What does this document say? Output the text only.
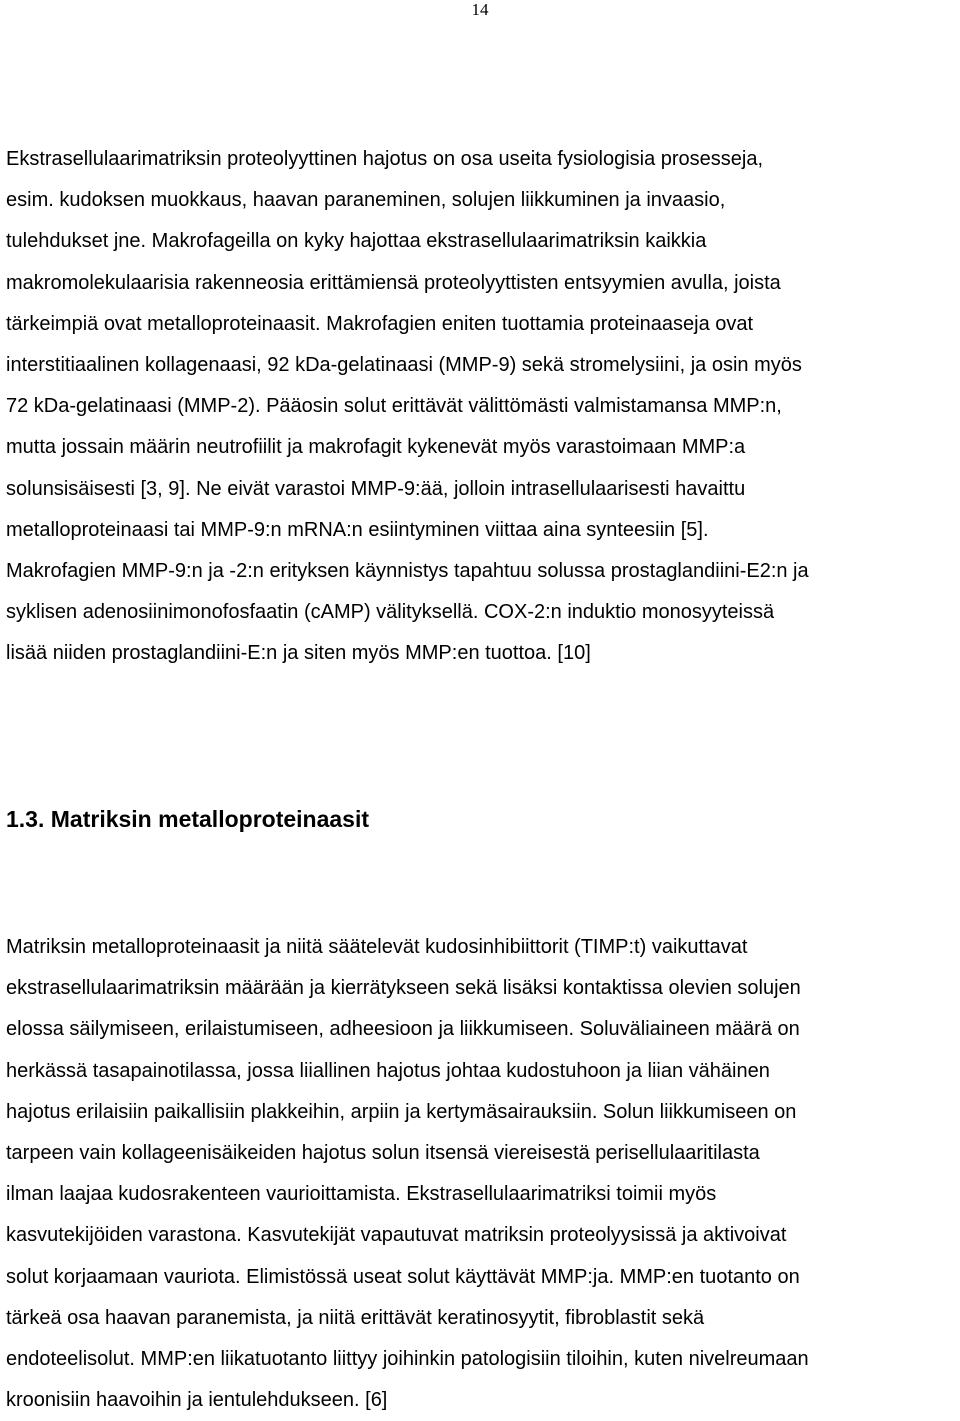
14
Ekstrasellulaarimatriksin proteolyyttinen hajotus on osa useita fysiologisia prosesseja,
esim. kudoksen muokkaus, haavan paraneminen, solujen liikkuminen ja invaasio,
tulehdukset jne. Makrofageilla on kyky hajottaa ekstrasellulaarimatriksin kaikkia
makromolekulaarisia rakenneosia erittämiensä proteolyyttisten entsyymien avulla, joista
tärkeimpiä ovat metalloproteinaasit. Makrofagien eniten tuottamia proteinaaseja ovat
interstitiaalinen kollagenaasi, 92 kDa-gelatinaasi (MMP-9) sekä stromelysiini, ja osin myös
72 kDa-gelatinaasi (MMP-2). Pääosin solut erittävät välittömästi valmistamansa MMP:n,
mutta jossain määrin neutrofiilit ja makrofagit kykenevät myös varastoimaan MMP:a
solunsisäisesti [3, 9]. Ne eivät varastoi MMP-9:ää, jolloin intrasellulaarisesti havaittu
metalloproteinaasi tai MMP-9:n mRNA:n esiintyminen viittaa aina synteesiin [5].
Makrofagien MMP-9:n ja -2:n erityksen käynnistys tapahtuu solussa prostaglandiini-E2:n ja
syklisen adenosiinimonofosfaatin (cAMP) välityksellä. COX-2:n induktio monosyyteissä
lisää niiden prostaglandiini-E:n ja siten myös MMP:en tuottoa. [10]
1.3. Matriksin metalloproteinaasit
Matriksin metalloproteinaasit ja niitä säätelevät kudosinhibiittorit (TIMP:t) vaikuttavat
ekstrasellulaarimatriksin määrään ja kierrätykseen sekä lisäksi kontaktissa olevien solujen
elossa säilymiseen, erilaistumiseen, adheesioon ja liikkumiseen. Soluväliaineen määrä on
herkässä tasapainotilassa, jossa liiallinen hajotus johtaa kudostuhoon ja liian vähäinen
hajotus erilaisiin paikallisiin plakkeihin, arpiin ja kertymäsairauksiin. Solun liikkumiseen on
tarpeen vain kollageenisäikeiden hajotus solun itsensä viereisestä perisellulaaritilasta
ilman laajaa kudosrakenteen vaurioittamista. Ekstrasellulaarimatriksi toimii myös
kasvutekijöiden varastona. Kasvutekijät vapautuvat matriksin proteolyysissä ja aktivoivat
solut korjaamaan vauriota. Elimistössä useat solut käyttävät MMP:ja. MMP:en tuotanto on
tärkeä osa haavan paranemista, ja niitä erittävät keratinosyytit, fibroblastit sekä
endoteelisolut. MMP:en liikatuotanto liittyy joihinkin patologisiin tiloihin, kuten nivelreumaan
kroonisiin haavoihin ja ientulehdukseen. [6]
